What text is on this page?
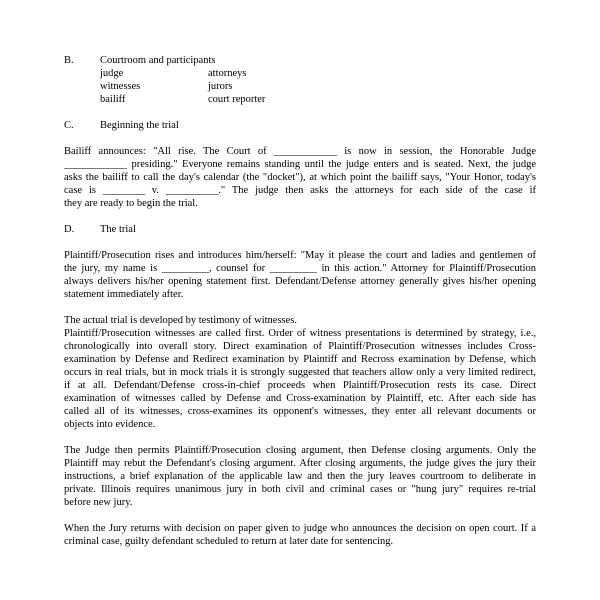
B.	Courtroom and participants
judge	attorneys
witnesses	jurors
bailiff	court reporter
C.	Beginning the trial
Bailiff announces: "All rise. The Court of ____________ is now in session, the Honorable Judge
____________ presiding." Everyone remains standing until the judge enters and is seated. Next, the judge
asks the bailiff to call the day's calendar (the "docket"), at which point the bailiff says, "Your Honor, today's
case is ________ v. __________." The judge then asks the attorneys for each side of the case if
they are ready to begin the trial.
D. The trial
Plaintiff/Prosecution rises and introduces him/herself: "May it please the court and ladies and gentlemen of
the jury, my name is _________, counsel for _________ in this action." Attorney for Plaintiff/Prosecution
always delivers his/her opening statement first. Defendant/Defense attorney generally gives his/her opening
statement immediately after.
The actual trial is developed by testimony of witnesses.
Plaintiff/Prosecution witnesses are called first. Order of witness presentations is determined by strategy, i.e.,
chronologically into overall story. Direct examination of Plaintiff/Prosecution witnesses includes Cross-
examination by Defense and Redirect examination by Plaintiff and Recross examination by Defense, which
occurs in real trials, but in mock trials it is strongly suggested that teachers allow only a very limited redirect,
if at all. Defendant/Defense cross-in-chief proceeds when Plaintiff/Prosecution rests its case. Direct
examination of witnesses called by Defense and Cross-examination by Plaintiff, etc. After each side has
called all of its witnesses, cross-examines its opponent's witnesses, they enter all relevant documents or
objects into evidence.
The Judge then permits Plaintiff/Prosecution closing argument, then Defense closing arguments. Only the
Plaintiff may rebut the Defendant's closing argument. After closing arguments, the judge gives the jury their
instructions, a brief explanation of the applicable law and then the jury leaves courtroom to deliberate in
private. Illinois requires unanimous jury in both civil and criminal cases or "hung jury" requires re-trial
before new jury.
When the Jury returns with decision on paper given to judge who announces the decision on open court. If a
criminal case, guilty defendant scheduled to return at later date for sentencing.
